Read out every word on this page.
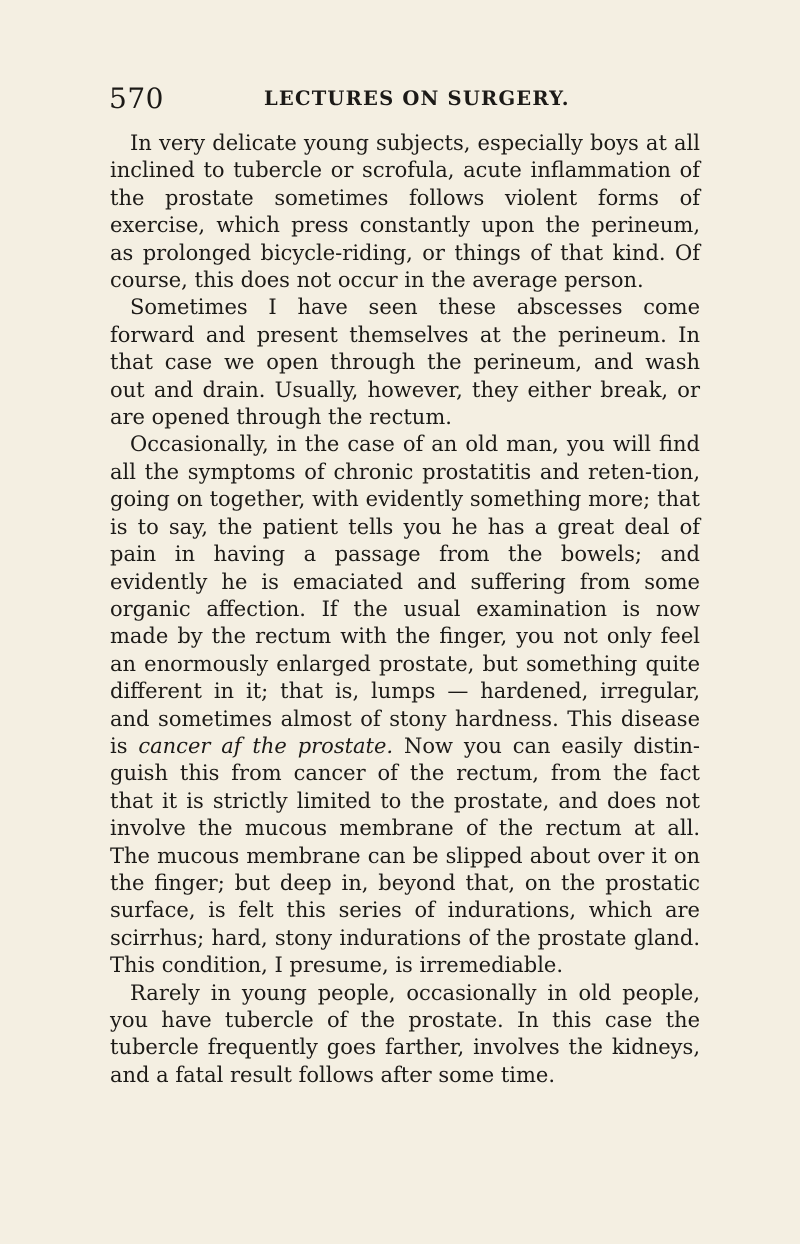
570	LECTURES ON SURGERY.

In very delicate young subjects, especially boys at all inclined to tubercle or scrofula, acute inflammation of the prostate sometimes follows violent forms of exercise, which press constantly upon the perineum, as prolonged bicycle-riding, or things of that kind. Of course, this does not occur in the average person.

Sometimes I have seen these abscesses come forward and present themselves at the perineum. In that case we open through the perineum, and wash out and drain. Usually, however, they either break, or are opened through the rectum.

Occasionally, in the case of an old man, you will find all the symptoms of chronic prostatitis and reten-tion, going on together, with evidently something more; that is to say, the patient tells you he has a great deal of pain in having a passage from the bowels; and evidently he is emaciated and suffering from some organic affection. If the usual examination is now made by the rectum with the finger, you not only feel an enormously enlarged prostate, but something quite different in it; that is, lumps — hardened, irregular, and sometimes almost of stony hardness. This disease is cancer af the prostate. Now you can easily distin-guish this from cancer of the rectum, from the fact that it is strictly limited to the prostate, and does not involve the mucous membrane of the rectum at all. The mucous membrane can be slipped about over it on the finger; but deep in, beyond that, on the prostatic surface, is felt this series of indurations, which are scirrhus; hard, stony indurations of the prostate gland. This condition, I presume, is irremediable.

Rarely in young people, occasionally in old people, you have tubercle of the prostate. In this case the tubercle frequently goes farther, involves the kidneys, and a fatal result follows after some time.
